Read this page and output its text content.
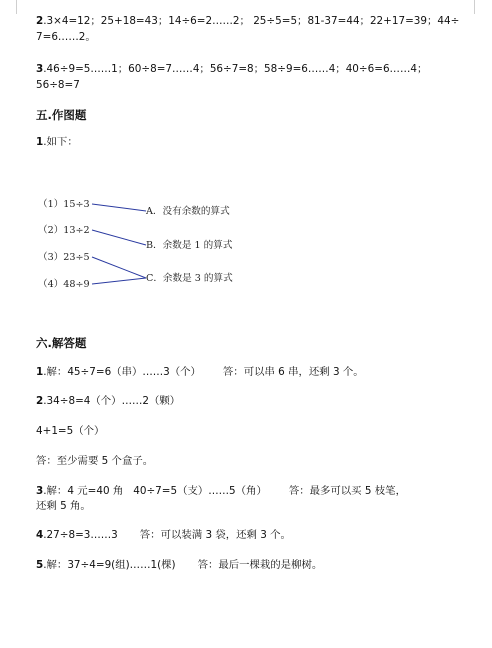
2.3×4=12；25+18=43；14÷6=2……2； 25÷5=5；81-37=44；22+17=39；44÷
7=6……2。
3.46÷9=5……1；60÷8=7……4；56÷7=8；58÷9=6……4；40÷6=6……4；
56÷8=7
五.作图题
1.如下：
（1）15÷3
（2）13÷2
（3）23÷5
（4）48÷9
A．没有余数的算式
B．余数是 1 的算式
C．余数是 3 的算式
六.解答题
1.解：45÷7=6（串）……3（个） 答：可以串 6 串，还剩 3 个。
2.34÷8=4（个）……2（颗）
4+1=5（个）
答：至少需要 5 个盒子。
3.解：4 元=40 角 40÷7=5（支）……5（角） 答：最多可以买 5 枝笔，
还剩 5 角。
4.27÷8=3……3 答：可以装满 3 袋，还剩 3 个。
5.解：37÷4=9(组)……1(棵) 答：最后一棵栽的是柳树。
